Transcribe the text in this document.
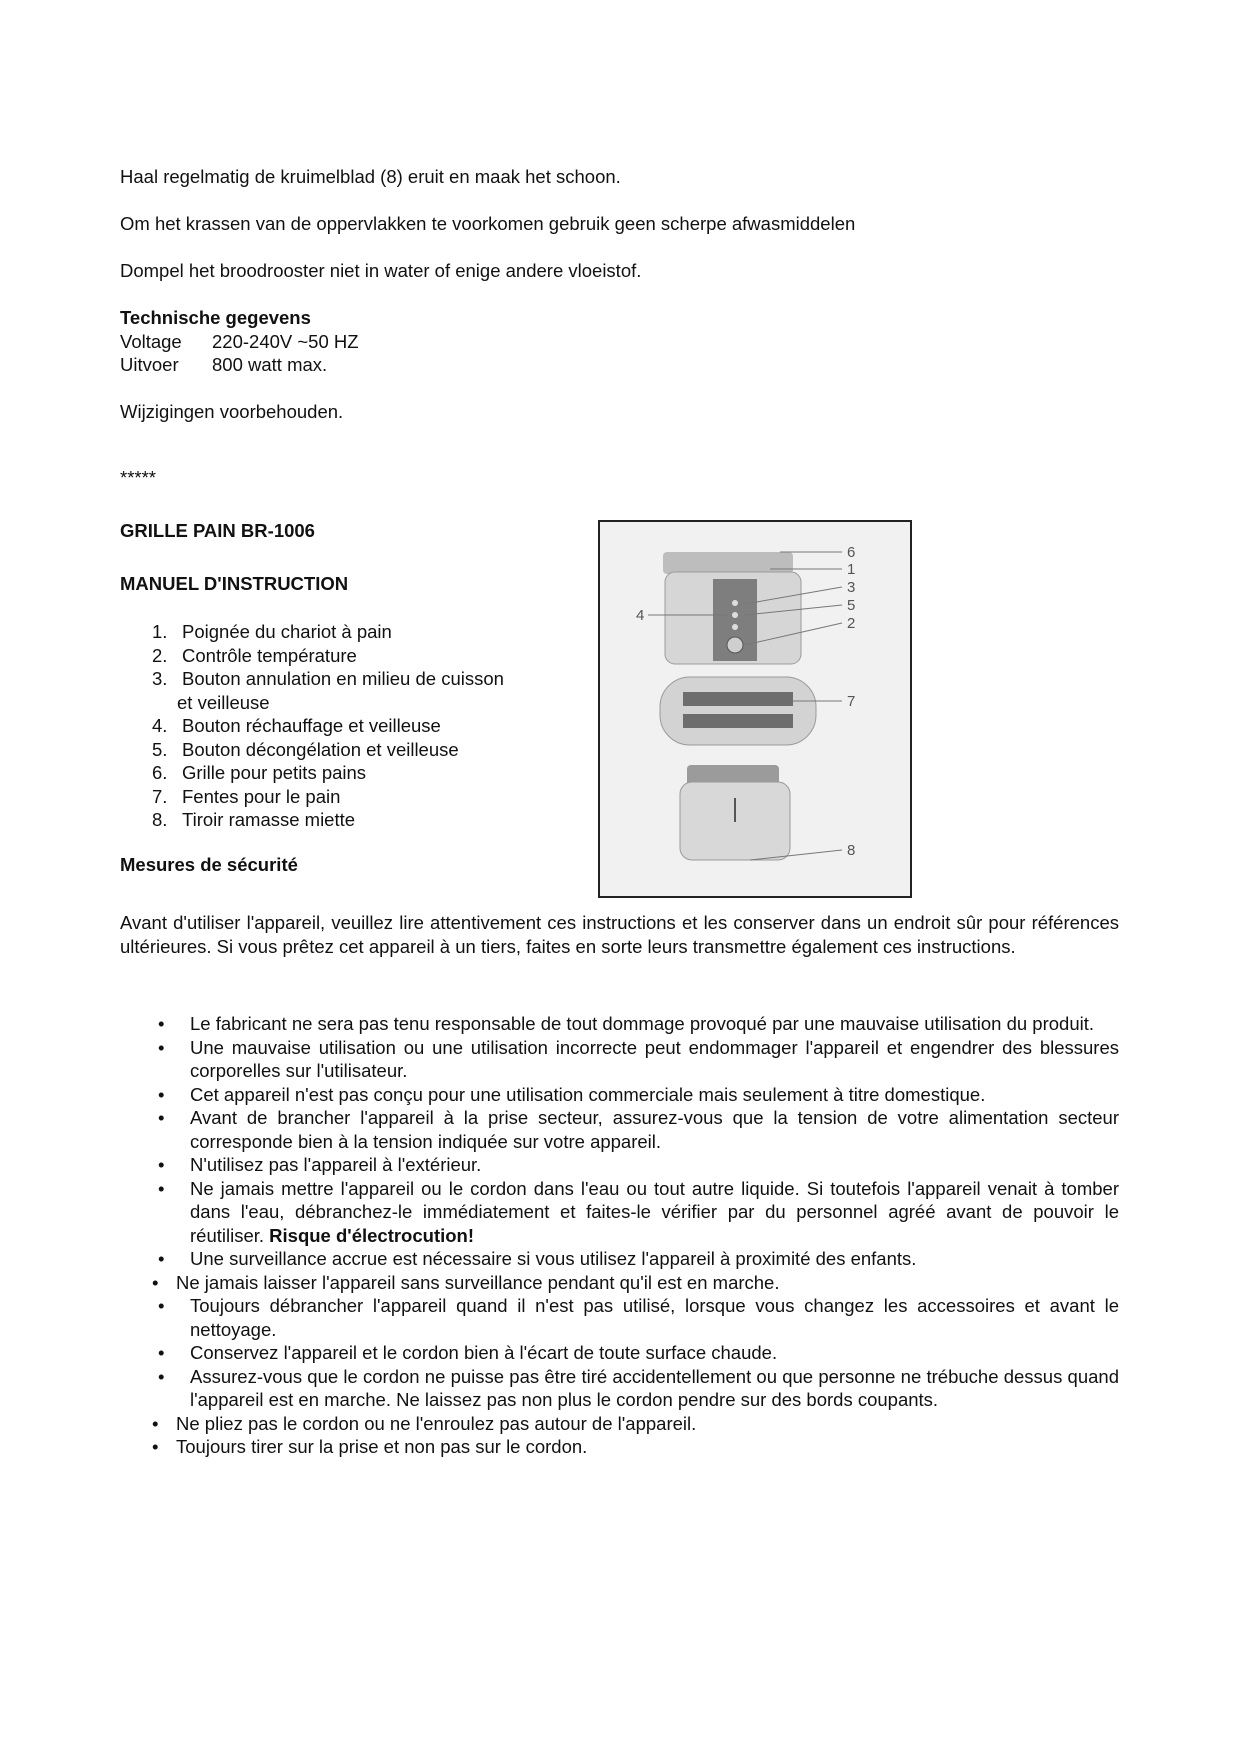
Haal regelmatig de kruimelblad (8) eruit en maak het schoon.

Om het krassen van de oppervlakken te voorkomen gebruik geen scherpe afwasmiddelen

Dompel het broodrooster niet in water of enige andere vloeistof.

Technische gegevens
Voltage	220-240V ~50 HZ
Uitvoer	800 watt max.

Wijzigingen voorbehouden.

*****

GRILLE PAIN BR-1006

MANUEL D'INSTRUCTION

1. Poignée du chariot à pain
2. Contrôle température
3. Bouton annulation en milieu de cuisson
et veilleuse
4. Bouton réchauffage et veilleuse
5. Bouton décongélation et veilleuse
6. Grille pour petits pains
7. Fentes pour le pain
8. Tiroir ramasse miette

Mesures de sécurité

6
1
3
5
2
4
7
8

Avant d'utiliser l'appareil, veuillez lire attentivement ces instructions et les conserver dans un endroit sûr pour références ultérieures. Si vous prêtez cet appareil à un tiers, faites en sorte leurs transmettre également ces instructions.

• Le fabricant ne sera pas tenu responsable de tout dommage provoqué par une mauvaise utilisation du produit.
• Une mauvaise utilisation ou une utilisation incorrecte peut endommager l'appareil et engendrer des blessures corporelles sur l'utilisateur.
• Cet appareil n'est pas conçu pour une utilisation commerciale mais seulement à titre domestique.
• Avant de brancher l'appareil à la prise secteur, assurez-vous que la tension de votre alimentation secteur corresponde bien à la tension indiquée sur votre appareil.
• N'utilisez pas l'appareil à l'extérieur.
• Ne jamais mettre l'appareil ou le cordon dans l'eau ou tout autre liquide. Si toutefois l'appareil venait à tomber dans l'eau, débranchez-le immédiatement et faites-le vérifier par du personnel agréé avant de pouvoir le réutiliser. Risque d'électrocution!
• Une surveillance accrue est nécessaire si vous utilisez l'appareil à proximité des enfants.
• Ne jamais laisser l'appareil sans surveillance pendant qu'il est en marche.
• Toujours débrancher l'appareil quand il n'est pas utilisé, lorsque vous changez les accessoires et avant le nettoyage.
• Conservez l'appareil et le cordon bien à l'écart de toute surface chaude.
• Assurez-vous que le cordon ne puisse pas être tiré accidentellement ou que personne ne trébuche dessus quand l'appareil est en marche. Ne laissez pas non plus le cordon pendre sur des bords coupants.
• Ne pliez pas le cordon ou ne l'enroulez pas autour de l'appareil.
• Toujours tirer sur la prise et non pas sur le cordon.
